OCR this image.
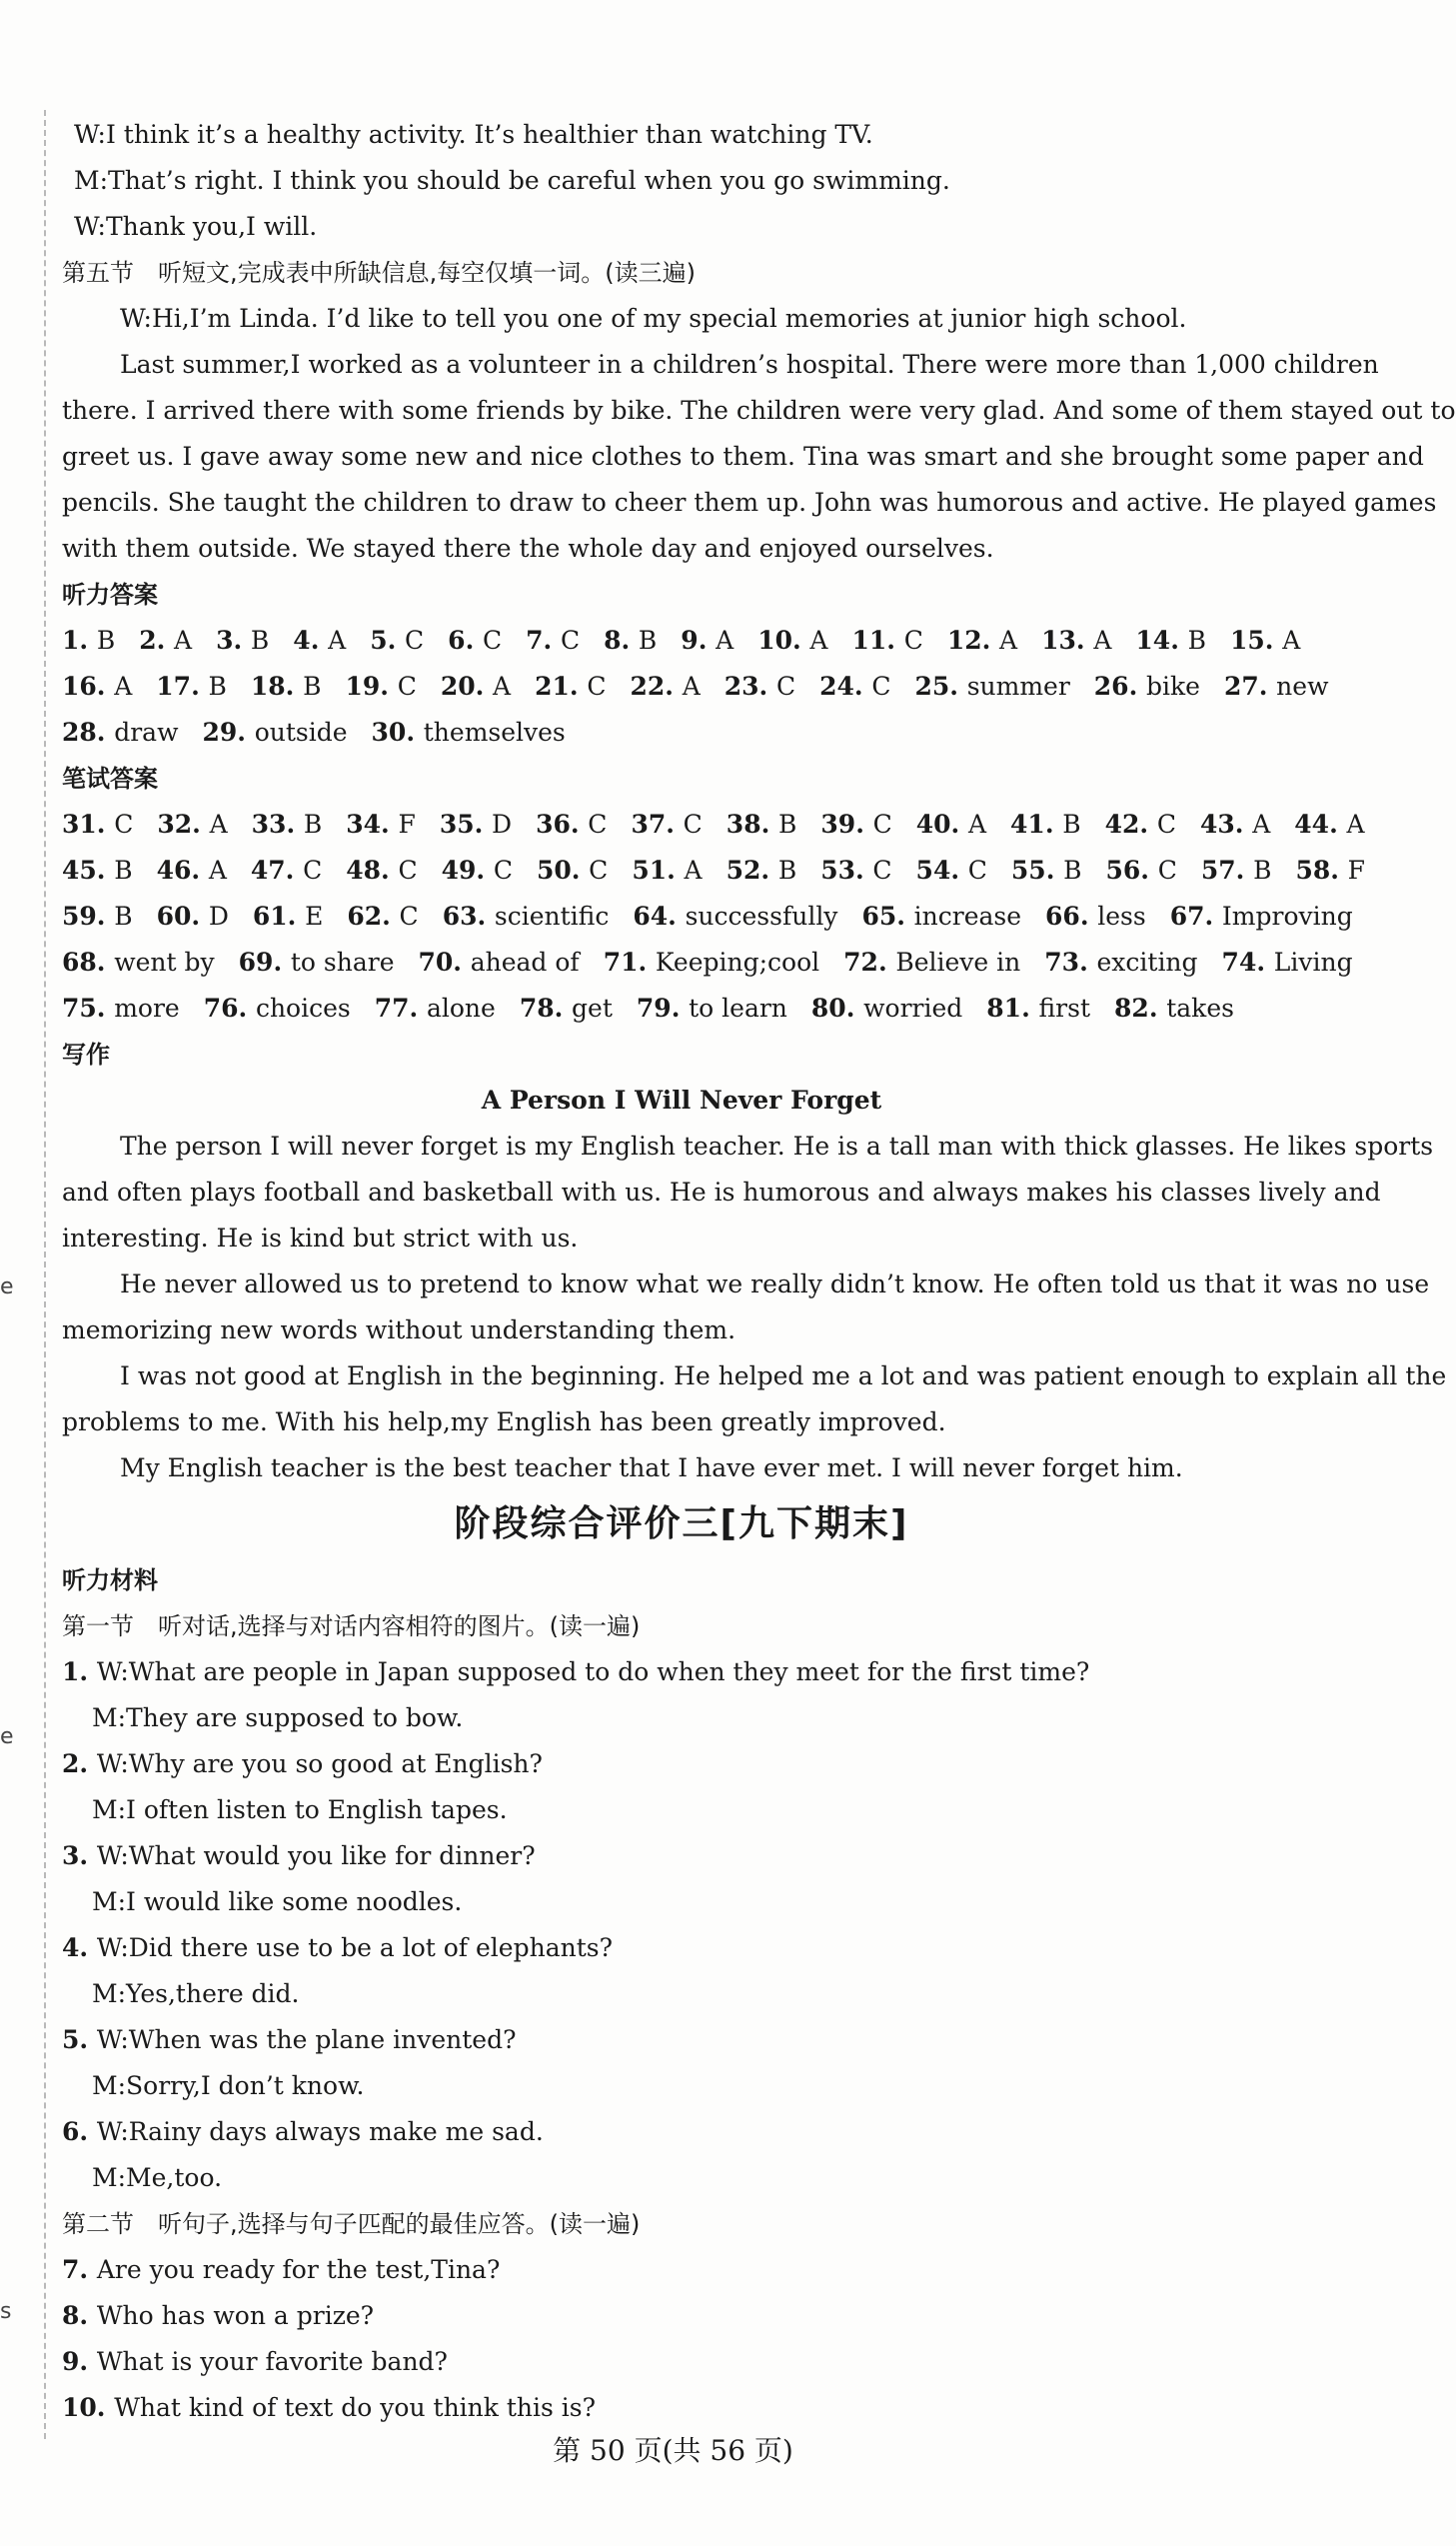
e
e
s
W:I think it’s a healthy activity. It’s healthier than watching TV.
M:That’s right. I think you should be careful when you go swimming.
W:Thank you,I will.
第五节　听短文,完成表中所缺信息,每空仅填一词。(读三遍)
W:Hi,I’m Linda. I’d like to tell you one of my special memories at junior high school.
Last summer,I worked as a volunteer in a children’s hospital. There were more than 1,000 children
there. I arrived there with some friends by bike. The children were very glad. And some of them stayed out to
greet us. I gave away some new and nice clothes to them. Tina was smart and she brought some paper and
pencils. She taught the children to draw to cheer them up. John was humorous and active. He played games
with them outside. We stayed there the whole day and enjoyed ourselves.
听力答案
1. B 2. A 3. B 4. A 5. C 6. C 7. C 8. B 9. A 10. A 11. C 12. A 13. A 14. B 15. A
16. A 17. B 18. B 19. C 20. A 21. C 22. A 23. C 24. C 25. summer 26. bike 27. new
28. draw 29. outside 30. themselves
笔试答案
31. C 32. A 33. B 34. F 35. D 36. C 37. C 38. B 39. C 40. A 41. B 42. C 43. A 44. A
45. B 46. A 47. C 48. C 49. C 50. C 51. A 52. B 53. C 54. C 55. B 56. C 57. B 58. F
59. B 60. D 61. E 62. C 63. scientific 64. successfully 65. increase 66. less 67. Improving
68. went by 69. to share 70. ahead of 71. Keeping;cool 72. Believe in 73. exciting 74. Living
75. more 76. choices 77. alone 78. get 79. to learn 80. worried 81. first 82. takes
写作
A Person I Will Never Forget
The person I will never forget is my English teacher. He is a tall man with thick glasses. He likes sports
and often plays football and basketball with us. He is humorous and always makes his classes lively and
interesting. He is kind but strict with us.
He never allowed us to pretend to know what we really didn’t know. He often told us that it was no use
memorizing new words without understanding them.
I was not good at English in the beginning. He helped me a lot and was patient enough to explain all the
problems to me. With his help,my English has been greatly improved.
My English teacher is the best teacher that I have ever met. I will never forget him.
阶段综合评价三[九下期末]
听力材料
第一节　听对话,选择与对话内容相符的图片。(读一遍)
1. W:What are people in Japan supposed to do when they meet for the first time?
M:They are supposed to bow.
2. W:Why are you so good at English?
M:I often listen to English tapes.
3. W:What would you like for dinner?
M:I would like some noodles.
4. W:Did there use to be a lot of elephants?
M:Yes,there did.
5. W:When was the plane invented?
M:Sorry,I don’t know.
6. W:Rainy days always make me sad.
M:Me,too.
第二节　听句子,选择与句子匹配的最佳应答。(读一遍)
7. Are you ready for the test,Tina?
8. Who has won a prize?
9. What is your favorite band?
10. What kind of text do you think this is?
第 50 页(共 56 页)
